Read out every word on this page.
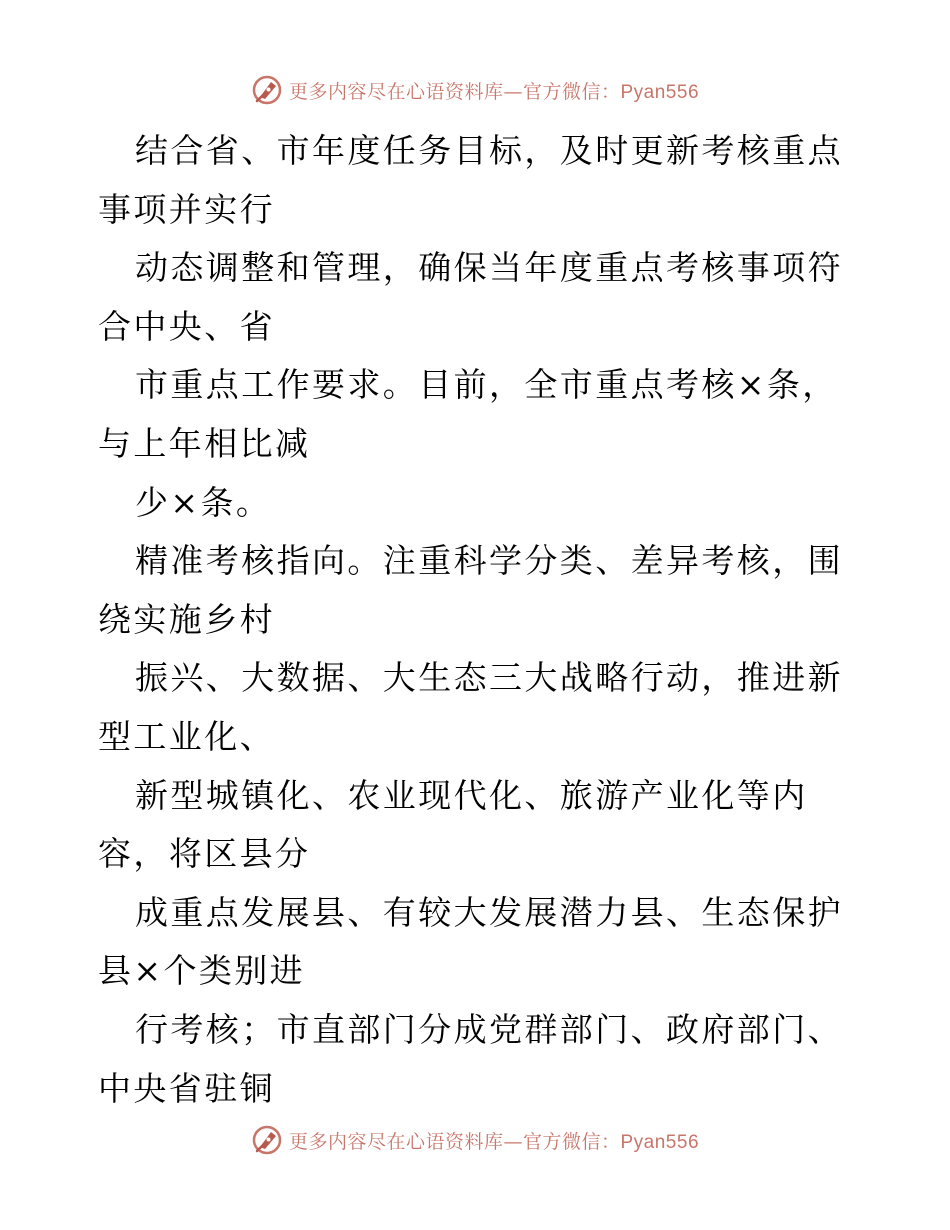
更多内容尽在心语资料库—官方微信：Pyan556

结合省、市年度任务目标，及时更新考核重点事项并实行

动态调整和管理，确保当年度重点考核事项符合中央、省

市重点工作要求。目前，全市重点考核×条，与上年相比减

少×条。

精准考核指向。注重科学分类、差异考核，围绕实施乡村

振兴、大数据、大生态三大战略行动，推进新型工业化、

新型城镇化、农业现代化、旅游产业化等内容，将区县分

成重点发展县、有较大发展潜力县、生态保护县×个类别进

行考核；市直部门分成党群部门、政府部门、中央省驻铜

更多内容尽在心语资料库—官方微信：Pyan556
